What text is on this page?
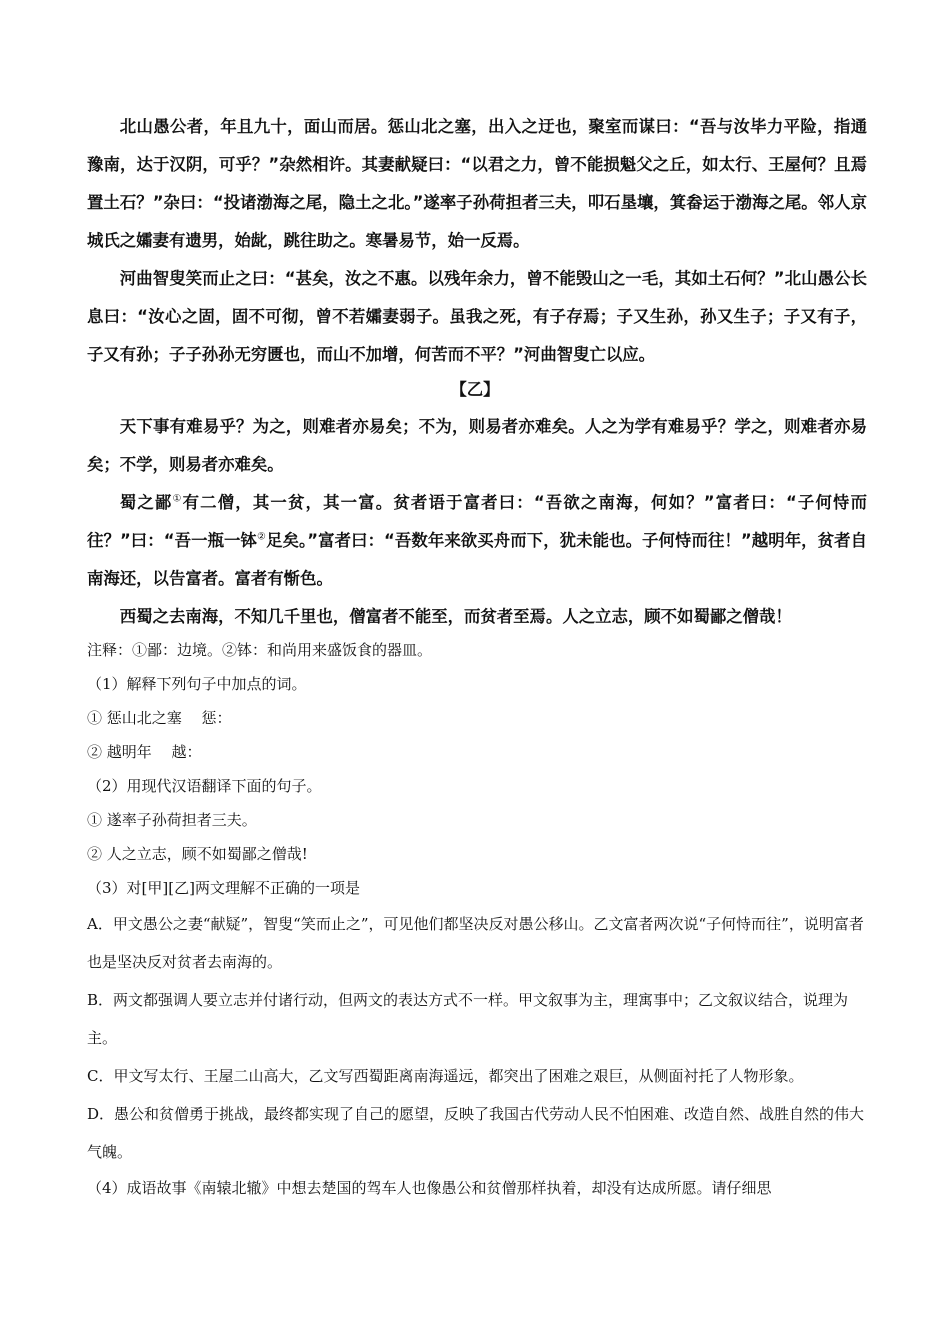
北山愚公者，年且九十，面山而居。惩山北之塞，出入之迂也，聚室而谋曰：“吾与汝毕力平险，指通豫南，达于汉阴，可乎？”杂然相许。其妻献疑曰：“以君之力，曾不能损魁父之丘，如太行、王屋何？且焉置土石？”杂曰：“投诸渤海之尾，隐土之北。”遂率子孙荷担者三夫，叩石垦壤，箕畚运于渤海之尾。邻人京城氏之孀妻有遗男，始龀，跳往助之。寒暑易节，始一反焉。

河曲智叟笑而止之曰：“甚矣，汝之不惠。以残年余力，曾不能毁山之一毛，其如土石何？”北山愚公长息曰：“汝心之固，固不可彻，曾不若孀妻弱子。虽我之死，有子存焉；子又生孙，孙又生子；子又有子，子又有孙；子子孙孙无穷匮也，而山不加增，何苦而不平？”河曲智叟亡以应。

【乙】

天下事有难易乎？为之，则难者亦易矣；不为，则易者亦难矣。人之为学有难易乎？学之，则难者亦易矣；不学，则易者亦难矣。

蜀之鄙①有二僧，其一贫，其一富。贫者语于富者曰：“吾欲之南海，何如？”富者曰：“子何恃而往？”曰：“吾一瓶一钵②足矣。”富者曰：“吾数年来欲买舟而下，犹未能也。子何恃而往！”越明年，贫者自南海还，以告富者。富者有惭色。

西蜀之去南海，不知几千里也，僧富者不能至，而贫者至焉。人之立志，顾不如蜀鄙之僧哉！

注释：①鄙：边境。②钵：和尚用来盛饭食的器皿。

（1）解释下列句子中加点的词。

① 惩山北之塞　 惩：

② 越明年　 越：

（2）用现代汉语翻译下面的句子。

① 遂率子孙荷担者三夫。

② 人之立志，顾不如蜀鄙之僧哉!

（3）对[甲][乙]两文理解不正确的一项是

A．甲文愚公之妻“献疑”，智叟“笑而止之”，可见他们都坚决反对愚公移山。乙文富者两次说“子何恃而往”，说明富者也是坚决反对贫者去南海的。

B．两文都强调人要立志并付诸行动，但两文的表达方式不一样。甲文叙事为主，理寓事中；乙文叙议结合，说理为主。

C．甲文写太行、王屋二山高大，乙文写西蜀距离南海遥远，都突出了困难之艰巨，从侧面衬托了人物形象。

D．愚公和贫僧勇于挑战，最终都实现了自己的愿望，反映了我国古代劳动人民不怕困难、改造自然、战胜自然的伟大气魄。

（4）成语故事《南辕北辙》中想去楚国的驾车人也像愚公和贫僧那样执着，却没有达成所愿。请仔细思
